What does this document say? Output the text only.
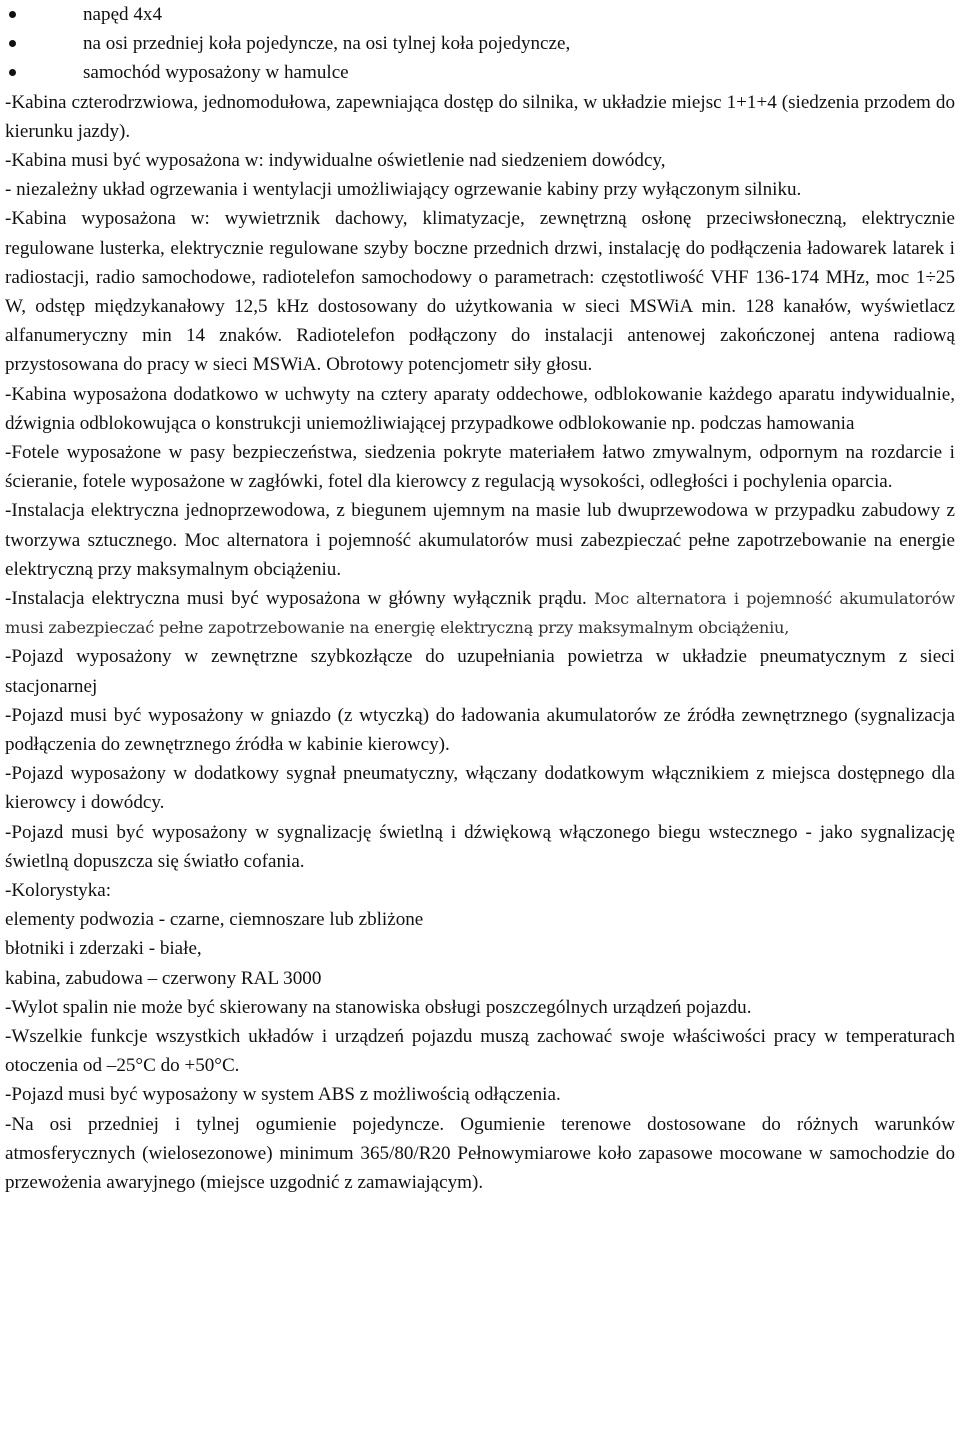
napęd 4x4
na osi przedniej koła pojedyncze, na osi tylnej koła pojedyncze,
samochód wyposażony w hamulce

-Kabina czterodrzwiowa, jednomodułowa, zapewniająca dostęp do silnika, w układzie miejsc 1+1+4 (siedzenia przodem do kierunku jazdy).

-Kabina musi być wyposażona w: indywidualne oświetlenie nad siedzeniem dowódcy,

- niezależny układ ogrzewania i wentylacji umożliwiający ogrzewanie kabiny przy wyłączonym silniku.

-Kabina wyposażona w: wywietrznik dachowy, klimatyzacje, zewnętrzną osłonę przeciwsłoneczną, elektrycznie regulowane lusterka, elektrycznie regulowane szyby boczne przednich drzwi, instalację do podłączenia ładowarek latarek i radiostacji, radio samochodowe, radiotelefon samochodowy o parametrach: częstotliwość VHF 136-174 MHz, moc 1÷25 W, odstęp międzykanałowy 12,5 kHz dostosowany do użytkowania w sieci MSWiA min. 128 kanałów, wyświetlacz alfanumeryczny min 14 znaków. Radiotelefon podłączony do instalacji antenowej zakończonej antena radiową przystosowana do pracy w sieci MSWiA. Obrotowy potencjometr siły głosu.

-Kabina wyposażona dodatkowo w uchwyty na cztery aparaty oddechowe, odblokowanie każdego aparatu indywidualnie, dźwignia odblokowująca o konstrukcji uniemożliwiającej przypadkowe odblokowanie np. podczas hamowania

-Fotele wyposażone w pasy bezpieczeństwa, siedzenia pokryte materiałem łatwo zmywalnym, odpornym na rozdarcie i ścieranie, fotele wyposażone w zagłówki, fotel dla kierowcy z regulacją wysokości, odległości i pochylenia oparcia.

-Instalacja elektryczna jednoprzewodowa, z biegunem ujemnym na masie lub dwuprzewodowa w przypadku zabudowy z tworzywa sztucznego. Moc alternatora i pojemność akumulatorów musi zabezpieczać pełne zapotrzebowanie na energie elektryczną przy maksymalnym obciążeniu.

-Instalacja elektryczna musi być wyposażona w główny wyłącznik prądu. Moc alternatora i pojemność akumulatorów musi zabezpieczać pełne zapotrzebowanie na energię elektryczną przy maksymalnym obciążeniu,

-Pojazd wyposażony w zewnętrzne szybkozłącze do uzupełniania powietrza w układzie pneumatycznym z sieci stacjonarnej

-Pojazd musi być wyposażony w gniazdo (z wtyczką) do ładowania akumulatorów ze źródła zewnętrznego (sygnalizacja podłączenia do zewnętrznego źródła w kabinie kierowcy).

-Pojazd wyposażony w dodatkowy sygnał pneumatyczny, włączany dodatkowym włącznikiem z miejsca dostępnego dla kierowcy i dowódcy.

-Pojazd musi być wyposażony w sygnalizację świetlną i dźwiękową włączonego biegu wstecznego - jako sygnalizację świetlną dopuszcza się światło cofania.

-Kolorystyka:

elementy podwozia - czarne, ciemnoszare lub zbliżone

błotniki i zderzaki - białe,

kabina, zabudowa – czerwony RAL 3000

-Wylot spalin nie może być skierowany na stanowiska obsługi poszczególnych urządzeń pojazdu.

-Wszelkie funkcje wszystkich układów i urządzeń pojazdu muszą zachować swoje właściwości pracy w temperaturach otoczenia od –25°C do +50°C.

-Pojazd musi być wyposażony w system ABS z możliwością odłączenia.

-Na osi przedniej i tylnej ogumienie pojedyncze. Ogumienie terenowe dostosowane do różnych warunków atmosferycznych (wielosezonowe) minimum 365/80/R20 Pełnowymiarowe koło zapasowe mocowane w samochodzie do przewożenia awaryjnego (miejsce uzgodnić z zamawiającym).
